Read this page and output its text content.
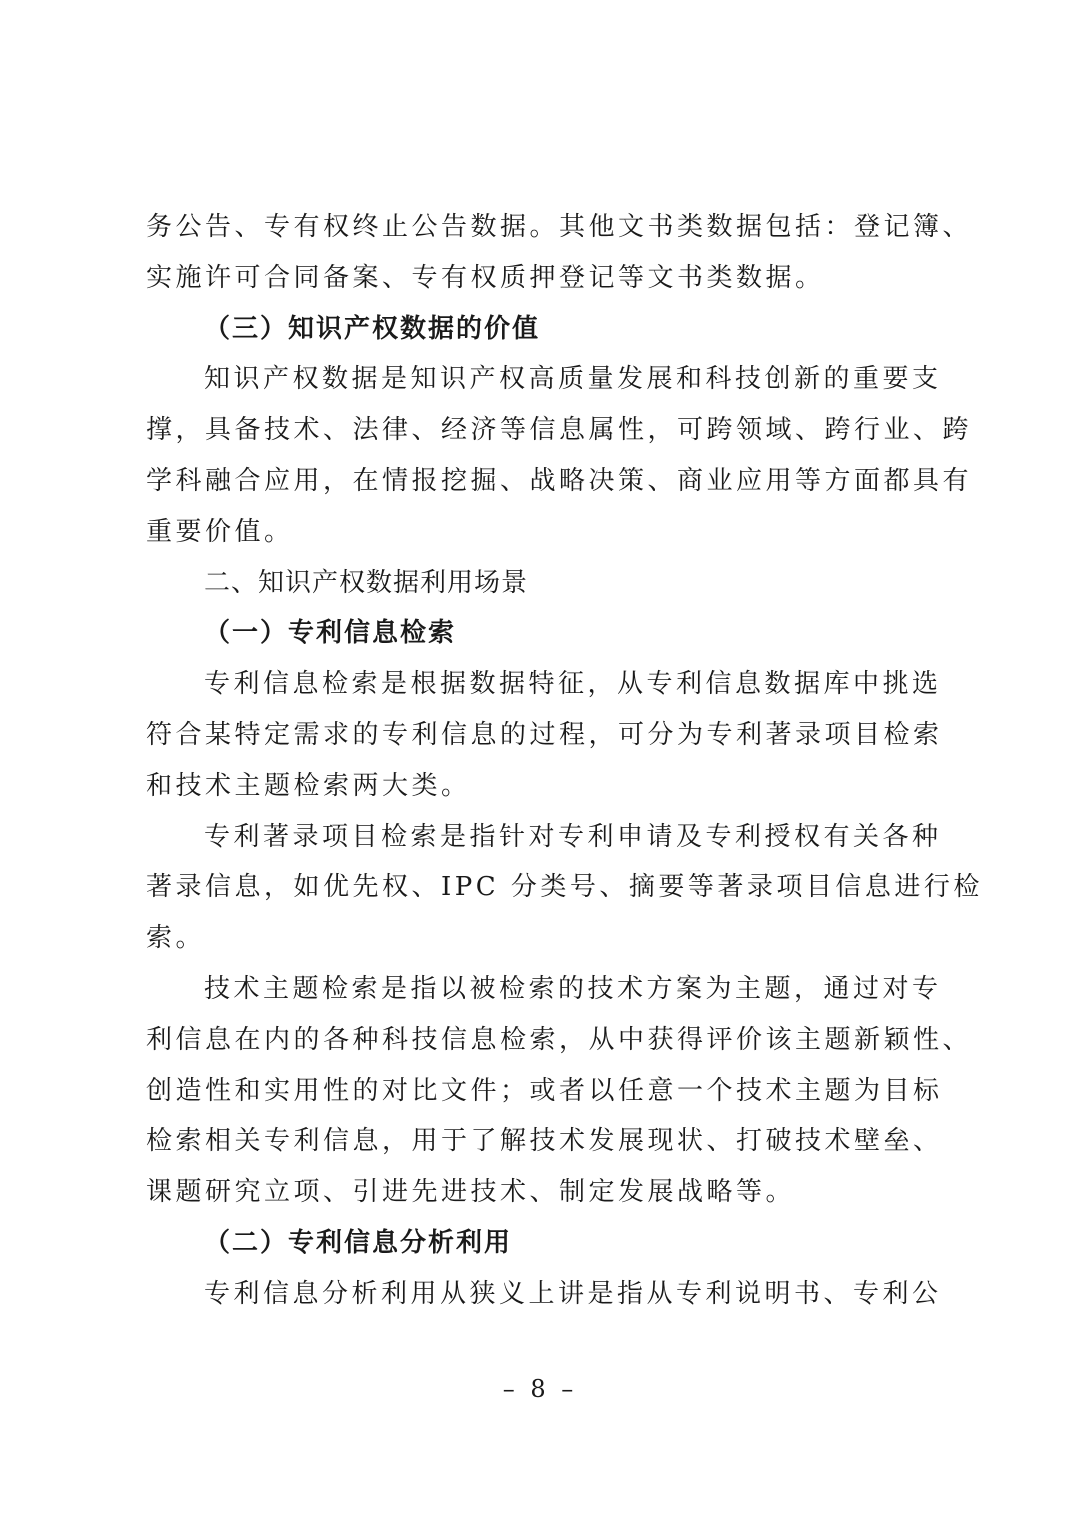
务公告、专有权终止公告数据。其他文书类数据包括：登记簿、
实施许可合同备案、专有权质押登记等文书类数据。
（三）知识产权数据的价值
知识产权数据是知识产权高质量发展和科技创新的重要支
撑，具备技术、法律、经济等信息属性，可跨领域、跨行业、跨
学科融合应用，在情报挖掘、战略决策、商业应用等方面都具有
重要价值。
二、知识产权数据利用场景
（一）专利信息检索
专利信息检索是根据数据特征，从专利信息数据库中挑选
符合某特定需求的专利信息的过程，可分为专利著录项目检索
和技术主题检索两大类。
专利著录项目检索是指针对专利申请及专利授权有关各种
著录信息，如优先权、IPC 分类号、摘要等著录项目信息进行检
索。
技术主题检索是指以被检索的技术方案为主题，通过对专
利信息在内的各种科技信息检索，从中获得评价该主题新颖性、
创造性和实用性的对比文件；或者以任意一个技术主题为目标
检索相关专利信息，用于了解技术发展现状、打破技术壁垒、
课题研究立项、引进先进技术、制定发展战略等。
（二）专利信息分析利用
专利信息分析利用从狭义上讲是指从专利说明书、专利公
– 8 –
